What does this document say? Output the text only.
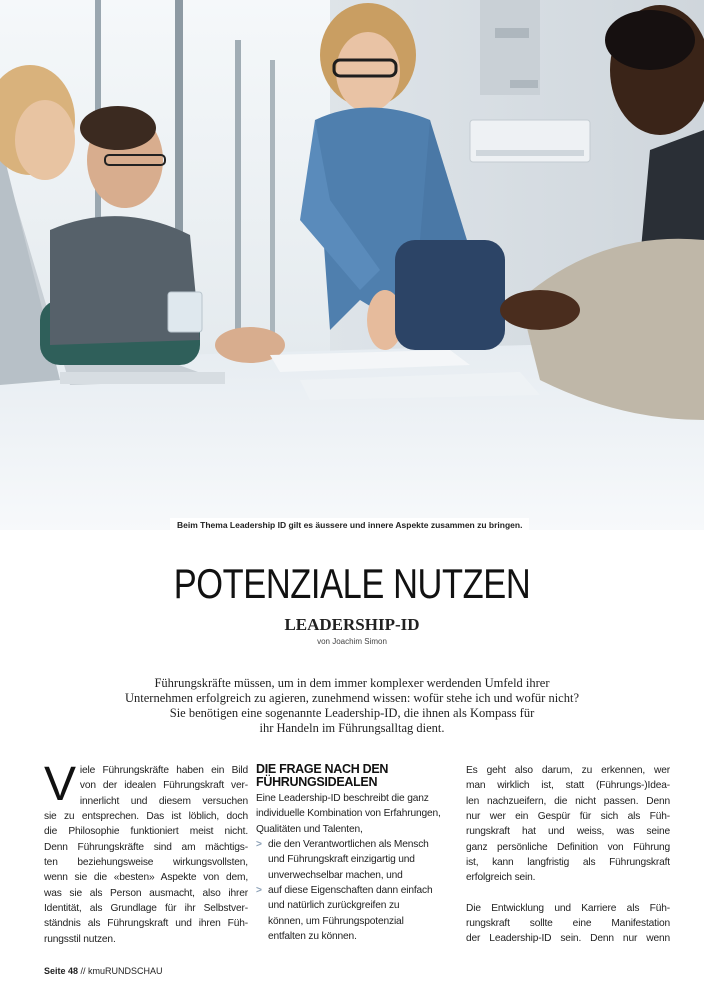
Beim Thema Leadership ID gilt es äussere und innere Aspekte zusammen zu bringen.
POTENZIALE NUTZEN
LEADERSHIP-ID
von Joachim Simon
Führungskräfte müssen, um in dem immer komplexer werdenden Umfeld ihrer
Unternehmen erfolgreich zu agieren, zunehmend wissen: wofür stehe ich und wofür nicht?
Sie benötigen eine sogenannte Leadership-ID, die ihnen als Kompass für
ihr Handeln im Führungsalltag dient.
V iele Führungskräfte haben ein Bild
von der idealen Führungskraft ver-
innerlicht und diesem versuchen
sie zu entsprechen. Das ist löblich, doch
die Philosophie funktioniert meist nicht.
Denn Führungskräfte sind am mächtigs-
ten beziehungsweise wirkungsvollsten,
wenn sie die «besten» Aspekte von dem,
was sie als Person ausmacht, also ihrer
Identität, als Grundlage für ihr Selbstver-
ständnis als Führungskraft und ihren Füh-
rungsstil nutzen.
DIE FRAGE NACH DEN
FÜHRUNGSIDEALEN
Eine Leadership-ID beschreibt die ganz
individuelle Kombination von Erfahrungen,
Qualitäten und Talenten,
> die den Verantwortlichen als Mensch
und Führungskraft einzigartig und
unverwechselbar machen, und
> auf diese Eigenschaften dann einfach
und natürlich zurückgreifen zu
können, um Führungspotenzial
entfalten zu können.
Es geht also darum, zu erkennen, wer
man wirklich ist, statt (Führungs-)Idea-
len nachzueifern, die nicht passen. Denn
nur wer ein Gespür für sich als Füh-
rungskraft hat und weiss, was seine
ganz persönliche Definition von Führung
ist, kann langfristig als Führungskraft
erfolgreich sein.
Die Entwicklung und Karriere als Füh-
rungskraft sollte eine Manifestation
der Leadership-ID sein. Denn nur wenn
Seite 48 // kmuRUNDSCHAU
